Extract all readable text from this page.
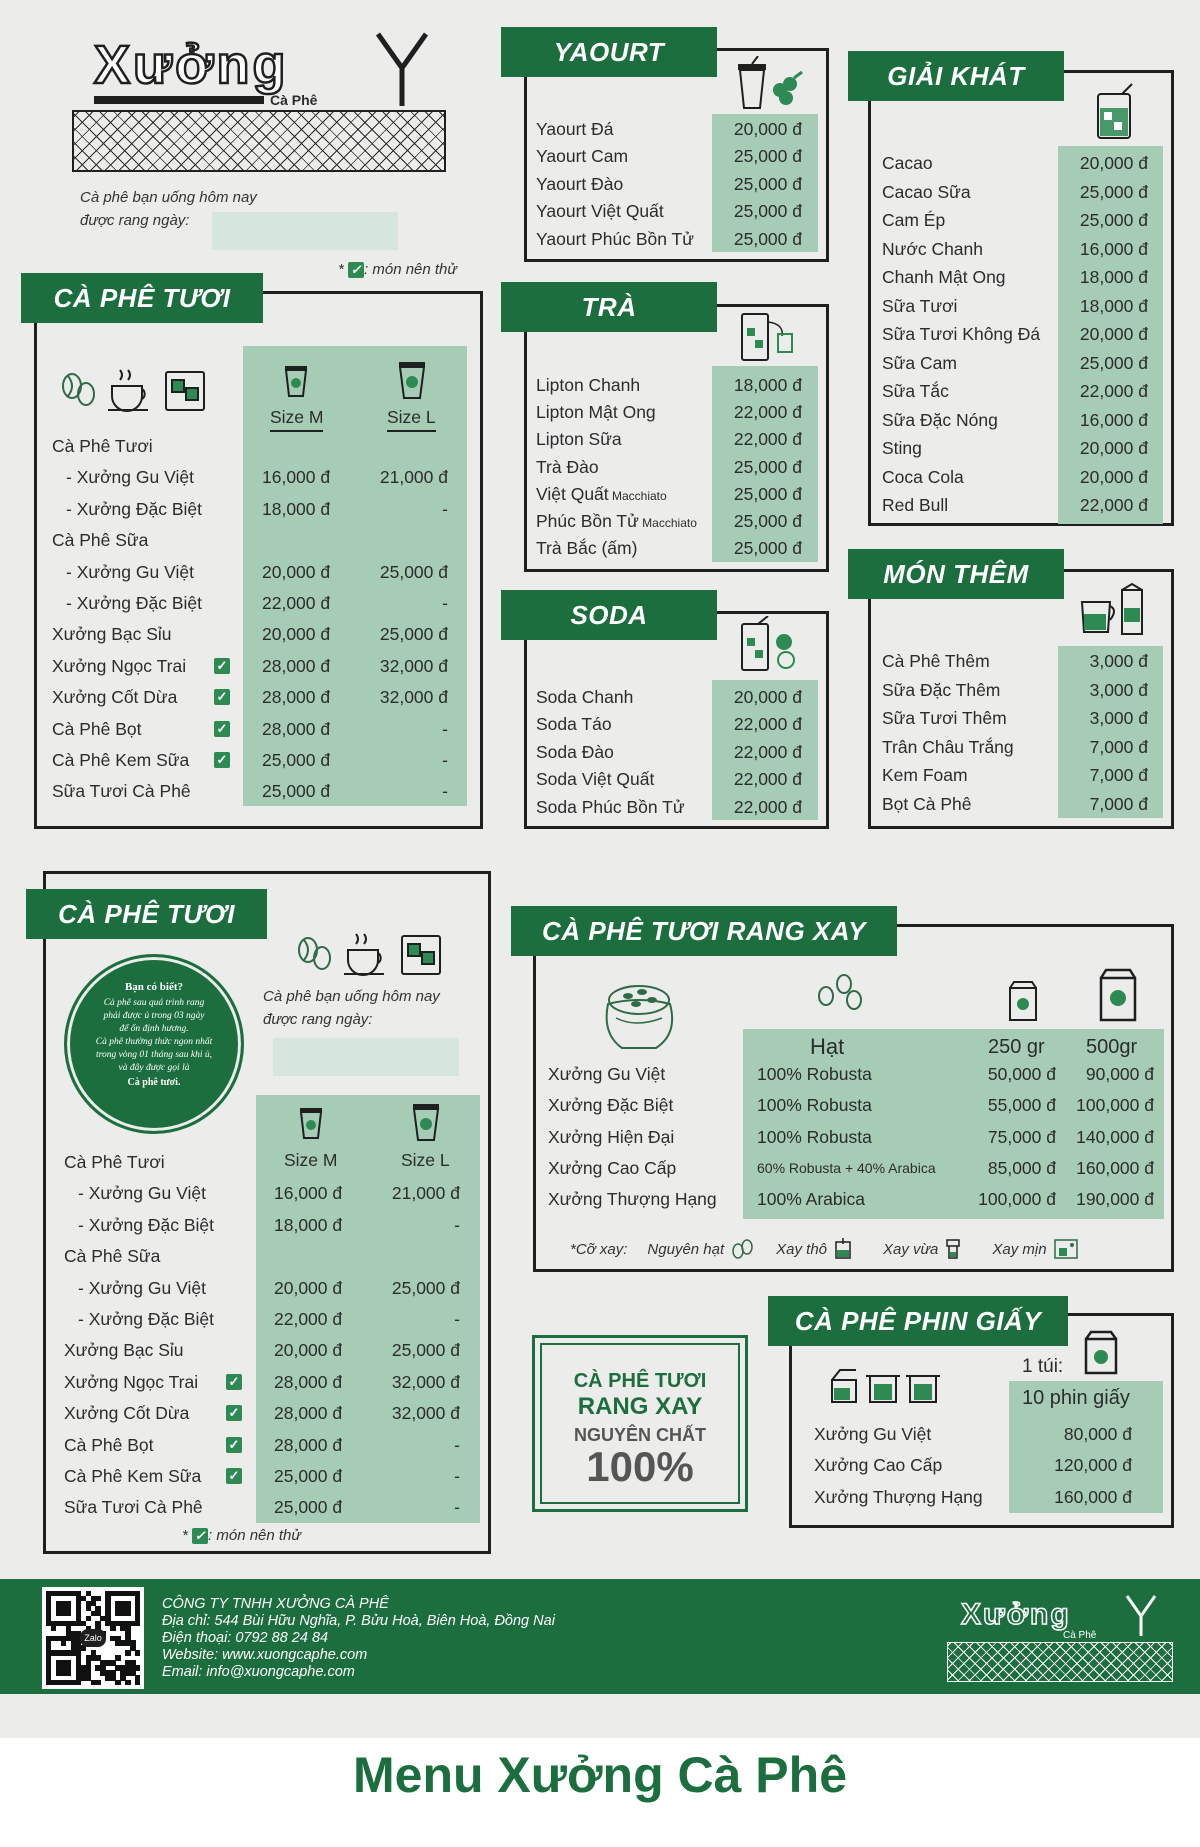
Xưởng
Cà Phê
Cà phê bạn uống hôm nay
được rang ngày:
* ✓ : món nên thử
CÀ PHÊ TƯƠI
Size M	Size L
Cà Phê Tươi
- Xưởng Gu Việt	16,000 đ	21,000 đ
- Xưởng Đặc Biệt	18,000 đ	-
Cà Phê Sữa
- Xưởng Gu Việt	20,000 đ	25,000 đ
- Xưởng Đặc Biệt	22,000 đ	-
Xưởng Bạc Sỉu	20,000 đ	25,000 đ
Xưởng Ngọc Trai ✓ 28,000 đ	32,000 đ
Xưởng Cốt Dừa	✓ 28,000 đ	32,000 đ
Cà Phê Bọt	✓ 28,000 đ	-
Cà Phê Kem Sữa ✓ 25,000 đ	-
Sữa Tươi Cà Phê	25,000 đ	-
YAOURT
Yaourt Đá	20,000 đ
Yaourt Cam	25,000 đ
Yaourt Đào	25,000 đ
Yaourt Việt Quất	25,000 đ
Yaourt Phúc Bồn Tử	25,000 đ
TRÀ
Lipton Chanh	18,000 đ
Lipton Mật Ong	22,000 đ
Lipton Sữa	22,000 đ
Trà Đào	25,000 đ
Việt Quất Macchiato	25,000 đ
Phúc Bồn Tử Macchiato	25,000 đ
Trà Bắc (ấm)	25,000 đ
SODA
Soda Chanh	20,000 đ
Soda Táo	22,000 đ
Soda Đào	22,000 đ
Soda Việt Quất	22,000 đ
Soda Phúc Bồn Tử	22,000 đ
GIẢI KHÁT
Cacao	20,000 đ
Cacao Sữa	25,000 đ
Cam Ép	25,000 đ
Nước Chanh	16,000 đ
Chanh Mật Ong	18,000 đ
Sữa Tươi	18,000 đ
Sữa Tươi Không Đá	20,000 đ
Sữa Cam	25,000 đ
Sữa Tắc	22,000 đ
Sữa Đặc Nóng	16,000 đ
Sting	20,000 đ
Coca Cola	20,000 đ
Red Bull	22,000 đ
MÓN THÊM
Cà Phê Thêm	3,000 đ
Sữa Đặc Thêm	3,000 đ
Sữa Tươi Thêm	3,000 đ
Trân Châu Trắng	7,000 đ
Kem Foam	7,000 đ
Bọt Cà Phê	7,000 đ
CÀ PHÊ TƯƠI
Cà phê bạn uống hôm nay
được rang ngày:
Bạn có biết?
Cà phê sau quá trình rang
phải được ủ trong 03 ngày
để ổn định hương.
Cà phê thường thức ngon nhất
trong vòng 01 tháng sau khi ủ,
và đây được gọi là
Cà phê tươi.
Size M	Size L
Cà Phê Tươi
- Xưởng Gu Việt	16,000 đ	21,000 đ
- Xưởng Đặc Biệt	18,000 đ	-
Cà Phê Sữa
- Xưởng Gu Việt	20,000 đ	25,000 đ
- Xưởng Đặc Biệt	22,000 đ	-
Xưởng Bạc Sỉu	20,000 đ	25,000 đ
Xưởng Ngọc Trai ✓ 28,000 đ	32,000 đ
Xưởng Cốt Dừa	✓ 28,000 đ	32,000 đ
Cà Phê Bọt	✓ 28,000 đ	-
Cà Phê Kem Sữa ✓ 25,000 đ	-
Sữa Tươi Cà Phê	25,000 đ	-
* ✓ : món nên thử
CÀ PHÊ TƯƠI RANG XAY
Hạt	250 gr 500gr
Xưởng Gu Việt	100% Robusta	50,000 đ	90,000 đ
Xưởng Đặc Biệt	100% Robusta	55,000 đ	100,000 đ
Xưởng Hiện Đại	100% Robusta	75,000 đ	140,000 đ
Xưởng Cao Cấp	60% Robusta + 40% Arabica	85,000 đ	160,000 đ
Xưởng Thượng Hạng 100% Arabica	100,000 đ	190,000 đ
*Cỡ xay: Nguyên hạt	Xay thô	Xay vừa	Xay mịn
CÀ PHÊ TƯƠI
RANG XAY
NGUYÊN CHẤT
100%
CÀ PHÊ PHIN GIẤY
1 túi:
10 phin giấy
Xưởng Gu Việt	80,000 đ
Xưởng Cao Cấp	120,000 đ
Xưởng Thượng Hạng	160,000 đ
Zalo
CÔNG TY TNHH XƯỞNG CÀ PHÊ
Địa chỉ: 544 Bùi Hữu Nghĩa, P. Bửu Hoà, Biên Hoà, Đồng Nai
Điện thoại: 0792 88 24 84
Website: www.xuongcaphe.com
Email: info@xuongcaphe.com
Xưởng
Cà Phê
Menu Xưởng Cà Phê
